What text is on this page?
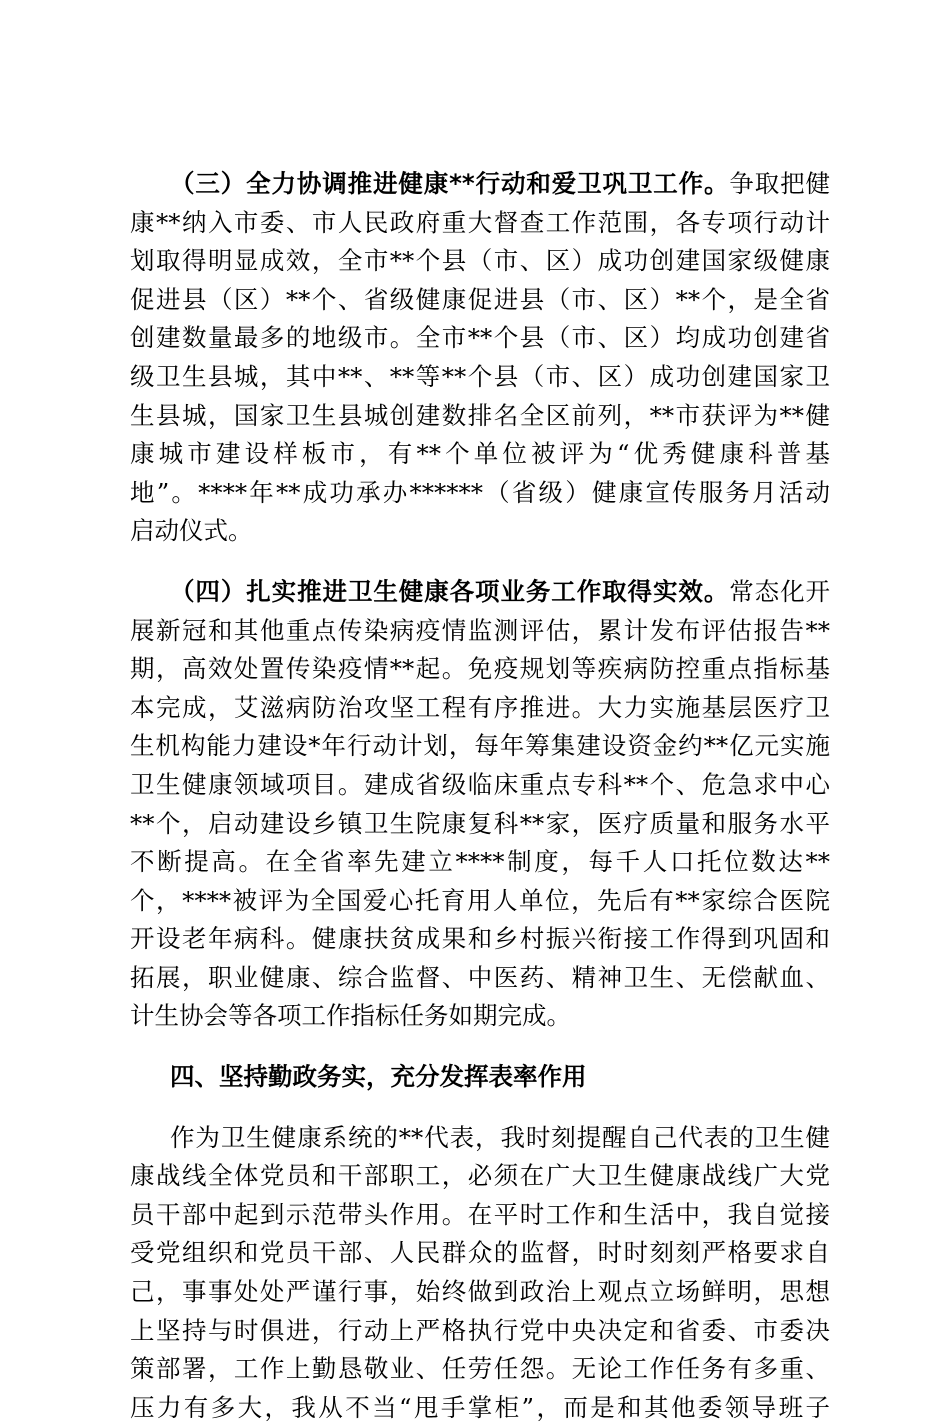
（三）全力协调推进健康**行动和爱卫巩卫工作。争取把健
康**纳入市委、市人民政府重大督查工作范围，各专项行动计
划取得明显成效，全市**个县（市、区）成功创建国家级健康
促进县（区）**个、省级健康促进县（市、区）**个，是全省
创建数量最多的地级市。全市**个县（市、区）均成功创建省
级卫生县城，其中**、**等**个县（市、区）成功创建国家卫
生县城，国家卫生县城创建数排名全区前列，**市获评为**健
康城市建设样板市，有**个单位被评为“优秀健康科普基
地”。****年**成功承办******（省级）健康宣传服务月活动
启动仪式。
（四）扎实推进卫生健康各项业务工作取得实效。常态化开
展新冠和其他重点传染病疫情监测评估，累计发布评估报告**
期，高效处置传染疫情**起。免疫规划等疾病防控重点指标基
本完成，艾滋病防治攻坚工程有序推进。大力实施基层医疗卫
生机构能力建设*年行动计划，每年筹集建设资金约**亿元实施
卫生健康领域项目。建成省级临床重点专科**个、危急求中心
**个，启动建设乡镇卫生院康复科**家，医疗质量和服务水平
不断提高。在全省率先建立****制度，每千人口托位数达**
个，****被评为全国爱心托育用人单位，先后有**家综合医院
开设老年病科。健康扶贫成果和乡村振兴衔接工作得到巩固和
拓展，职业健康、综合监督、中医药、精神卫生、无偿献血、
计生协会等各项工作指标任务如期完成。
四、坚持勤政务实，充分发挥表率作用
作为卫生健康系统的**代表，我时刻提醒自己代表的卫生健
康战线全体党员和干部职工，必须在广大卫生健康战线广大党
员干部中起到示范带头作用。在平时工作和生活中，我自觉接
受党组织和党员干部、人民群众的监督，时时刻刻严格要求自
己，事事处处严谨行事，始终做到政治上观点立场鲜明，思想
上坚持与时俱进，行动上严格执行党中央决定和省委、市委决
策部署，工作上勤恳敬业、任劳任怨。无论工作任务有多重、
压力有多大，我从不当“甩手掌柜”，而是和其他委领导班子
